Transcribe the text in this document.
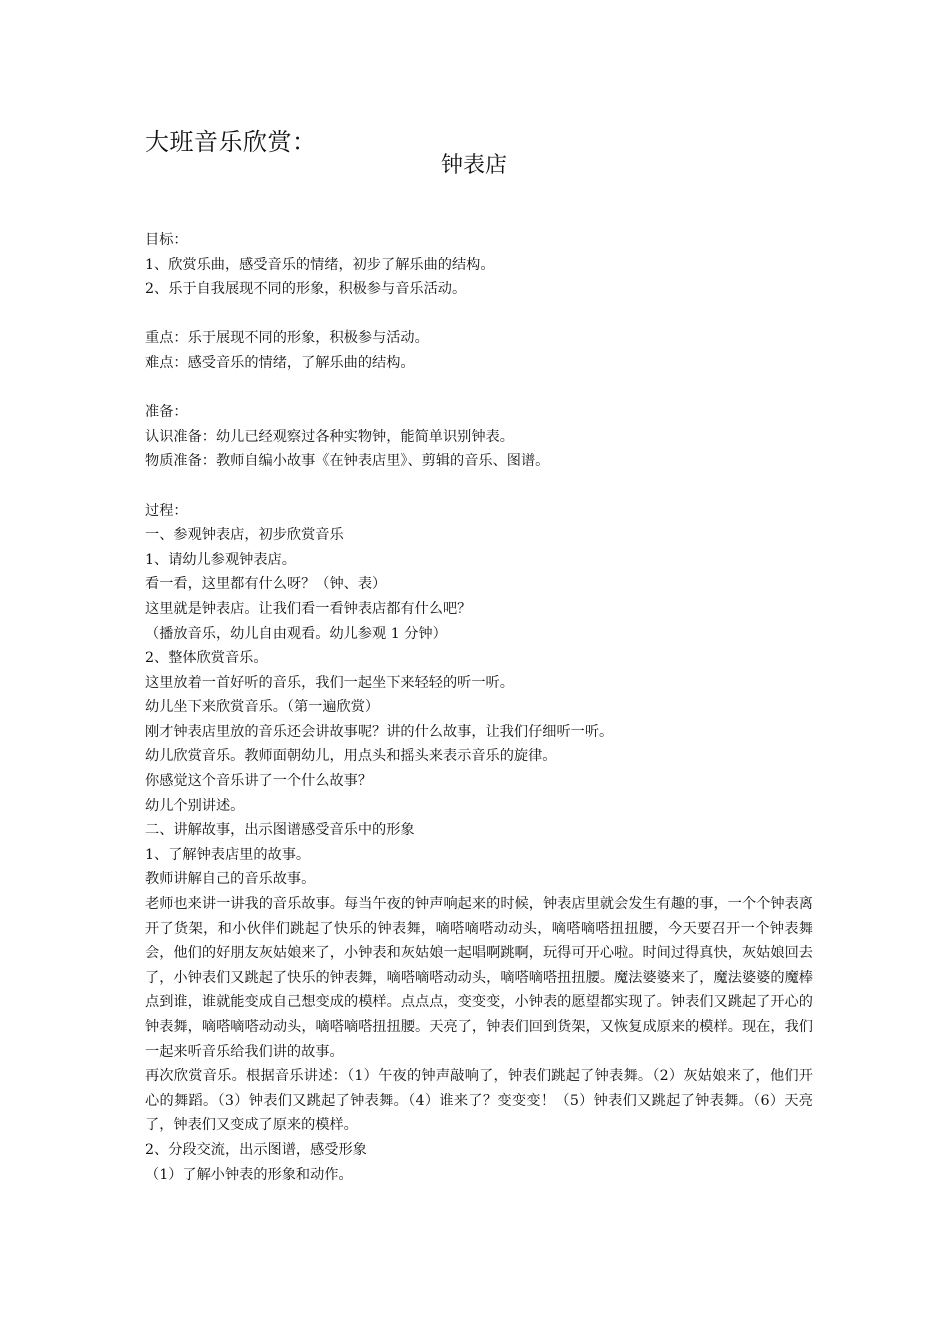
大班音乐欣赏：
钟表店

目标：

1、欣赏乐曲，感受音乐的情绪，初步了解乐曲的结构。

2、乐于自我展现不同的形象，积极参与音乐活动。

重点：乐于展现不同的形象，积极参与活动。

难点：感受音乐的情绪，了解乐曲的结构。

准备：

认识准备：幼儿已经观察过各种实物钟，能简单识别钟表。

物质准备：教师自编小故事《在钟表店里》、剪辑的音乐、图谱。

过程：

一、参观钟表店，初步欣赏音乐

1、请幼儿参观钟表店。

看一看，这里都有什么呀？（钟、表）

这里就是钟表店。让我们看一看钟表店都有什么吧？

（播放音乐，幼儿自由观看。幼儿参观 1 分钟）

2、整体欣赏音乐。

这里放着一首好听的音乐，我们一起坐下来轻轻的听一听。

幼儿坐下来欣赏音乐。（第一遍欣赏）

刚才钟表店里放的音乐还会讲故事呢？讲的什么故事，让我们仔细听一听。

幼儿欣赏音乐。教师面朝幼儿，用点头和摇头来表示音乐的旋律。

你感觉这个音乐讲了一个什么故事？

幼儿个别讲述。

二、讲解故事，出示图谱感受音乐中的形象

1、了解钟表店里的故事。

教师讲解自己的音乐故事。

老师也来讲一讲我的音乐故事。每当午夜的钟声响起来的时候，钟表店里就会发生有趣的事，一个个钟表离开了货架，和小伙伴们跳起了快乐的钟表舞，嘀嗒嘀嗒动动头，嘀嗒嘀嗒扭扭腰，今天要召开一个钟表舞会，他们的好朋友灰姑娘来了，小钟表和灰姑娘一起唱啊跳啊，玩得可开心啦。时间过得真快，灰姑娘回去了，小钟表们又跳起了快乐的钟表舞，嘀嗒嘀嗒动动头，嘀嗒嘀嗒扭扭腰。魔法婆婆来了，魔法婆婆的魔棒点到谁，谁就能变成自己想变成的模样。点点点，变变变，小钟表的愿望都实现了。钟表们又跳起了开心的钟表舞，嘀嗒嘀嗒动动头，嘀嗒嘀嗒扭扭腰。天亮了，钟表们回到货架，又恢复成原来的模样。现在，我们一起来听音乐给我们讲的故事。

再次欣赏音乐。根据音乐讲述：（1）午夜的钟声敲响了，钟表们跳起了钟表舞。（2）灰姑娘来了，他们开心的舞蹈。（3）钟表们又跳起了钟表舞。（4）谁来了？变变变！（5）钟表们又跳起了钟表舞。（6）天亮了，钟表们又变成了原来的模样。

2、分段交流，出示图谱，感受形象

（1）了解小钟表的形象和动作。
